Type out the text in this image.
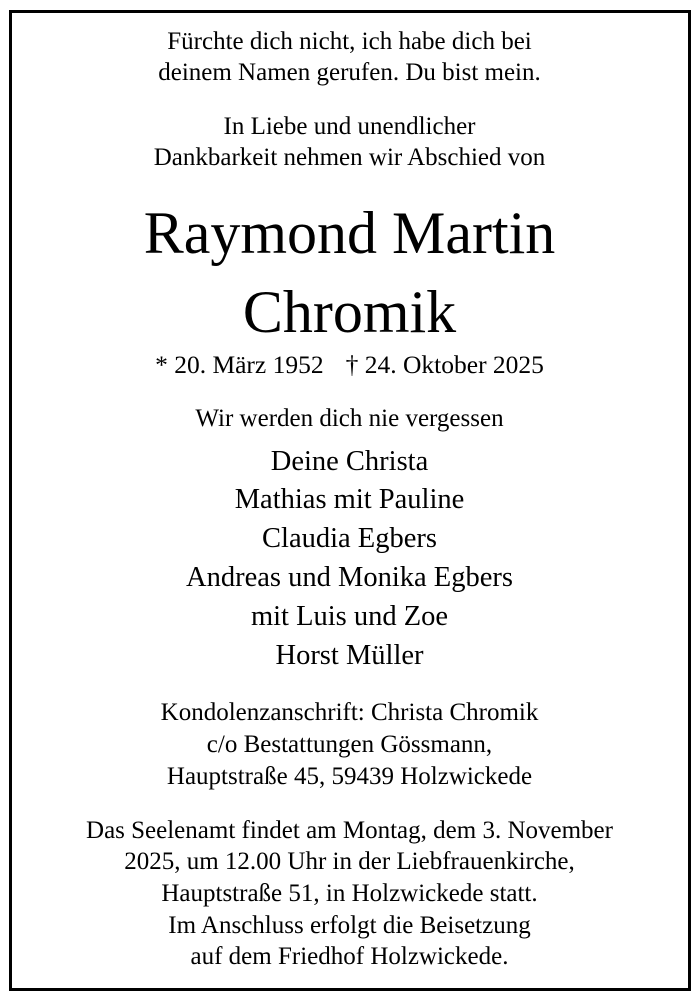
Fürchte dich nicht, ich habe dich bei
deinem Namen gerufen. Du bist mein.
In Liebe und unendlicher
Dankbarkeit nehmen wir Abschied von
Raymond Martin
Chromik
* 20. März 1952 † 24. Oktober 2025
Wir werden dich nie vergessen
Deine Christa
Mathias mit Pauline
Claudia Egbers
Andreas und Monika Egbers
mit Luis und Zoe
Horst Müller
Kondolenzanschrift: Christa Chromik
c/o Bestattungen Gössmann,
Hauptstraße 45, 59439 Holzwickede
Das Seelenamt findet am Montag, dem 3. November
2025, um 12.00 Uhr in der Liebfrauenkirche,
Hauptstraße 51, in Holzwickede statt.
Im Anschluss erfolgt die Beisetzung
auf dem Friedhof Holzwickede.
